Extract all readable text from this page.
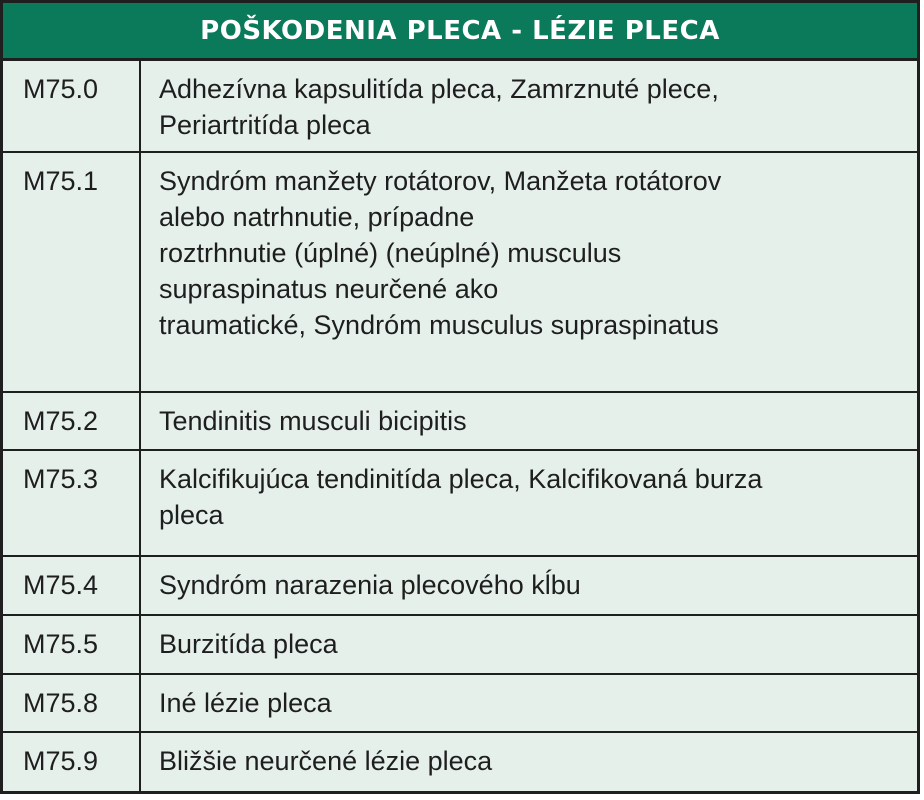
POŠKODENIA PLECA - LÉZIE PLECA
M75.0	Adhezívna kapsulitída pleca, Zamrznuté plece,
Periartritída pleca
M75.1	Syndróm manžety rotátorov, Manžeta rotátorov
alebo natrhnutie, prípadne
roztrhnutie (úplné) (neúplné) musculus
supraspinatus neurčené ako
traumatické, Syndróm musculus supraspinatus
M75.2	Tendinitis musculi bicipitis
M75.3	Kalcifikujúca tendinitída pleca, Kalcifikovaná burza
pleca
M75.4	Syndróm narazenia plecového kĺbu
M75.5	Burzitída pleca
M75.8	Iné lézie pleca
M75.9	Bližšie neurčené lézie pleca
